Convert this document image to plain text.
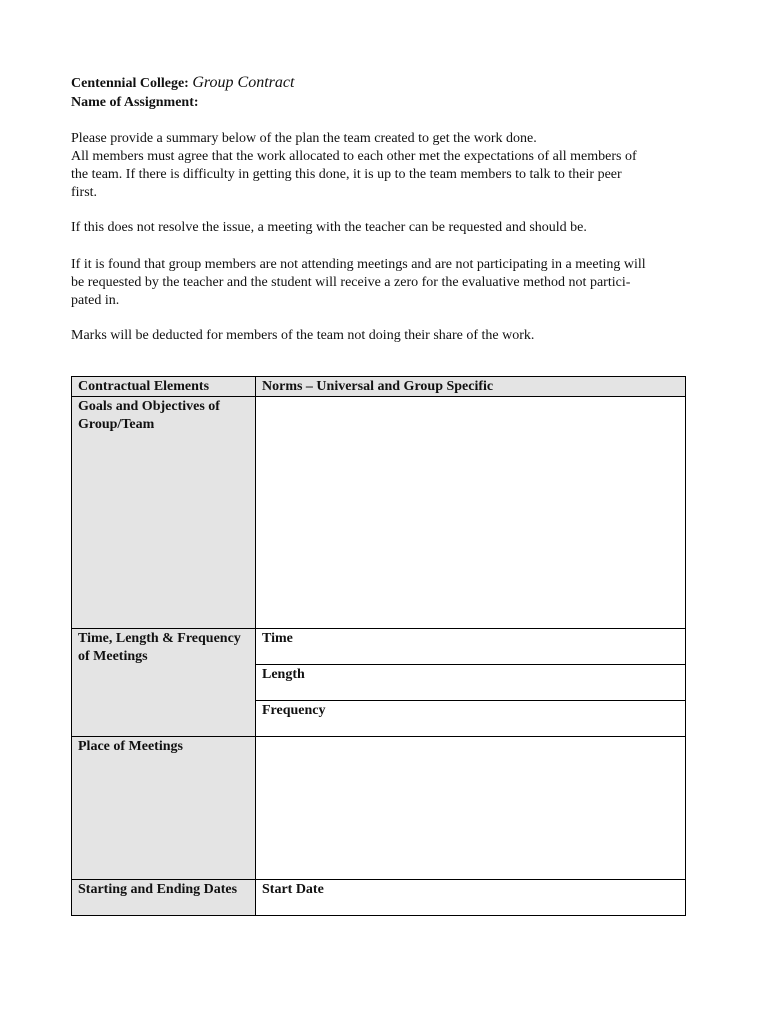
Centennial College: Group Contract
Name of Assignment:
Please provide a summary below of the plan the team created to get the work done.
All members must agree that the work allocated to each other met the expectations of all members of
the team. If there is difficulty in getting this done, it is up to the team members to talk to their peer
first.
If this does not resolve the issue, a meeting with the teacher can be requested and should be.
If it is found that group members are not attending meetings and are not participating in a meeting will
be requested by the teacher and the student will receive a zero for the evaluative method not partici-
pated in.
Marks will be deducted for members of the team not doing their share of the work.
Contractual Elements	Norms – Universal and Group Specific
Goals and Objectives of Group/Team	
Time, Length & Frequency of Meetings	Time
	Length
	Frequency
Place of Meetings	
Starting and Ending Dates	Start Date
